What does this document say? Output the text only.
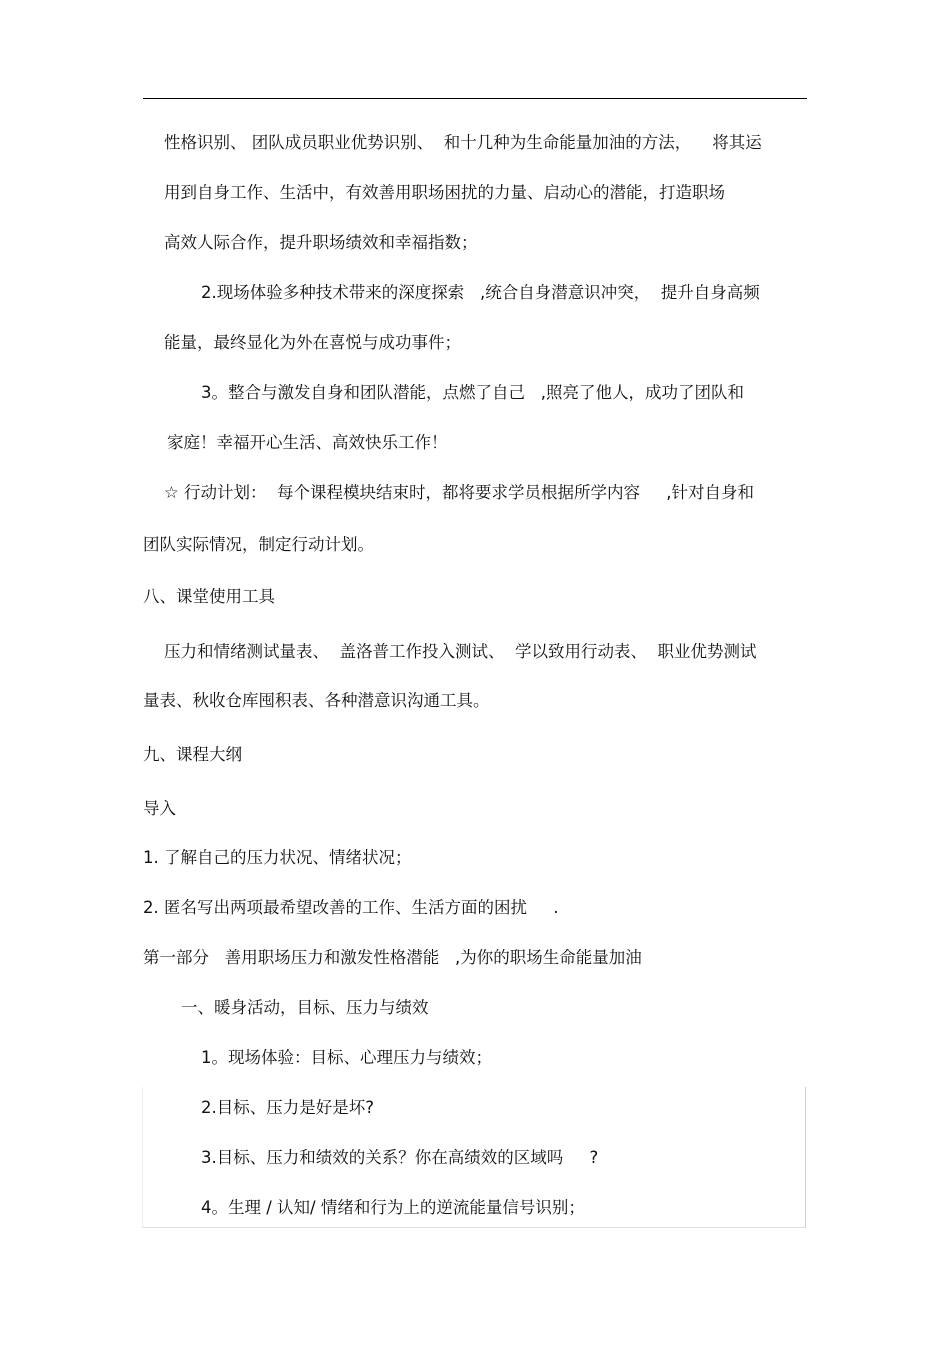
性格识别、 团队成员职业优势识别、  和十几种为生命能量加油的方法，    将其运
用到自身工作、生活中，有效善用职场困扰的力量、启动心的潜能，打造职场
高效人际合作，提升职场绩效和幸福指数；
2.现场体验多种技术带来的深度探索   ,统合自身潜意识冲突，  提升自身高频
能量，最终显化为外在喜悦与成功事件；
3。整合与激发自身和团队潜能，点燃了自己   ,照亮了他人，成功了团队和
家庭！幸福开心生活、高效快乐工作！
☆ 行动计划：  每个课程模块结束时，都将要求学员根据所学内容     ,针对自身和
团队实际情况，制定行动计划。
八、课堂使用工具
压力和情绪测试量表、  盖洛普工作投入测试、  学以致用行动表、  职业优势测试
量表、秋收仓库囤积表、各种潜意识沟通工具。
九、课程大纲
导入
1. 了解自己的压力状况、情绪状况；
2. 匿名写出两项最希望改善的工作、生活方面的困扰     .
第一部分   善用职场压力和激发性格潜能   ,为你的职场生命能量加油
一、暖身活动，目标、压力与绩效
1。现场体验：目标、心理压力与绩效；
2.目标、压力是好是坏?
3.目标、压力和绩效的关系？你在高绩效的区域吗     ?
4。生理 / 认知/ 情绪和行为上的逆流能量信号识别；
